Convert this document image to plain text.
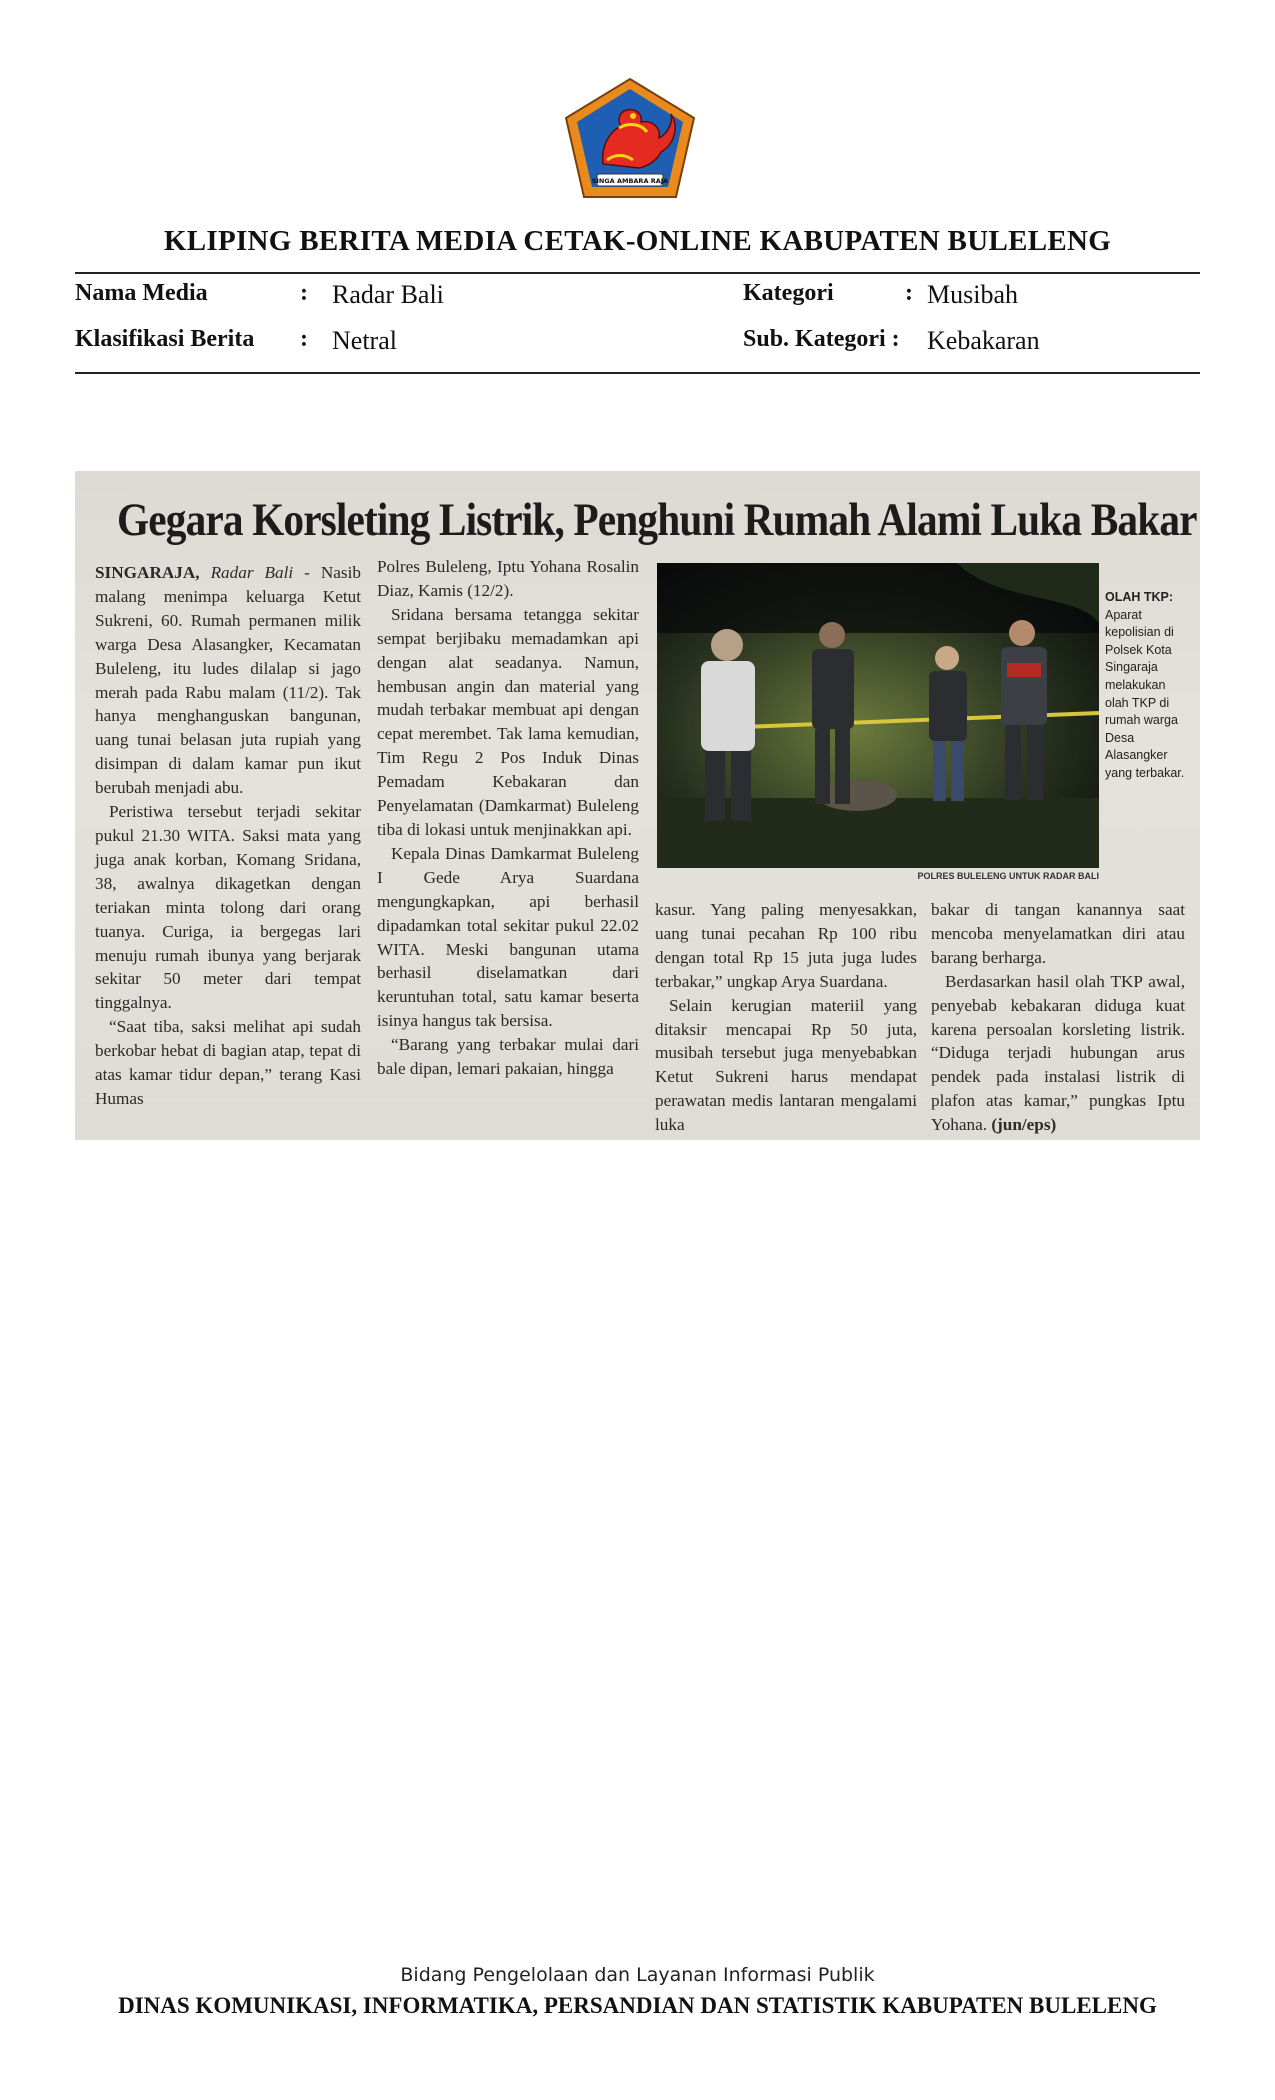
SINGA AMBARA RAJA
KLIPING BERITA MEDIA CETAK-ONLINE KABUPATEN BULELENG
Nama Media	: Radar Bali	Kategori	: Musibah
Klasifikasi Berita : Netral	Sub. Kategori : Kebakaran
Gegara Korsleting Listrik, Penghuni Rumah Alami Luka Bakar

SINGARAJA, Radar Bali - Nasib malang menimpa keluarga Ketut Sukreni, 60. Rumah permanen milik warga Desa Alasangker, Kecamatan Buleleng, itu ludes dilalap si jago merah pada Rabu malam (11/2). Tak hanya menghanguskan bangunan, uang tunai belasan juta rupiah yang disimpan di dalam kamar pun ikut berubah menjadi abu.

Peristiwa tersebut terjadi sekitar pukul 21.30 WITA. Saksi mata yang juga anak korban, Komang Sridana, 38, awalnya dikagetkan dengan teriakan minta tolong dari orang tuanya. Curiga, ia bergegas lari menuju rumah ibunya yang berjarak sekitar 50 meter dari tempat tinggalnya.

“Saat tiba, saksi melihat api sudah berkobar hebat di bagian atap, tepat di atas kamar tidur depan,” terang Kasi Humas

Polres Buleleng, Iptu Yohana Rosalin Diaz, Kamis (12/2).

Sridana bersama tetangga sekitar sempat berjibaku memadamkan api dengan alat seadanya. Namun, hembusan angin dan material yang mudah terbakar membuat api dengan cepat merembet. Tak lama kemudian, Tim Regu 2 Pos Induk Dinas Pemadam Kebakaran dan Penyelamatan (Damkarmat) Buleleng tiba di lokasi untuk menjinakkan api.

Kepala Dinas Damkarmat Buleleng I Gede Arya Suardana mengungkapkan, api berhasil dipadamkan total sekitar pukul 22.02 WITA. Meski bangunan utama berhasil diselamatkan dari keruntuhan total, satu kamar beserta isinya hangus tak bersisa.

“Barang yang terbakar mulai dari bale dipan, lemari pakaian, hingga

POLRES BULELENG UNTUK RADAR BALI
OLAH TKP:
Aparat kepolisian di Polsek Kota Singaraja melakukan olah TKP di rumah warga Desa Alasangker yang terbakar.

kasur. Yang paling menyesakkan, uang tunai pecahan Rp 100 ribu dengan total Rp 15 juta juga ludes terbakar,” ungkap Arya Suardana.

Selain kerugian materiil yang ditaksir mencapai Rp 50 juta, musibah tersebut juga menyebabkan Ketut Sukreni harus mendapat perawatan medis lantaran mengalami luka

bakar di tangan kanannya saat mencoba menyelamatkan diri atau barang berharga.

Berdasarkan hasil olah TKP awal, penyebab kebakaran diduga kuat karena persoalan korsleting listrik. “Diduga terjadi hubungan arus pendek pada instalasi listrik di plafon atas kamar,” pungkas Iptu Yohana. (jun/eps)

Bidang Pengelolaan dan Layanan Informasi Publik
DINAS KOMUNIKASI, INFORMATIKA, PERSANDIAN DAN STATISTIK KABUPATEN BULELENG
